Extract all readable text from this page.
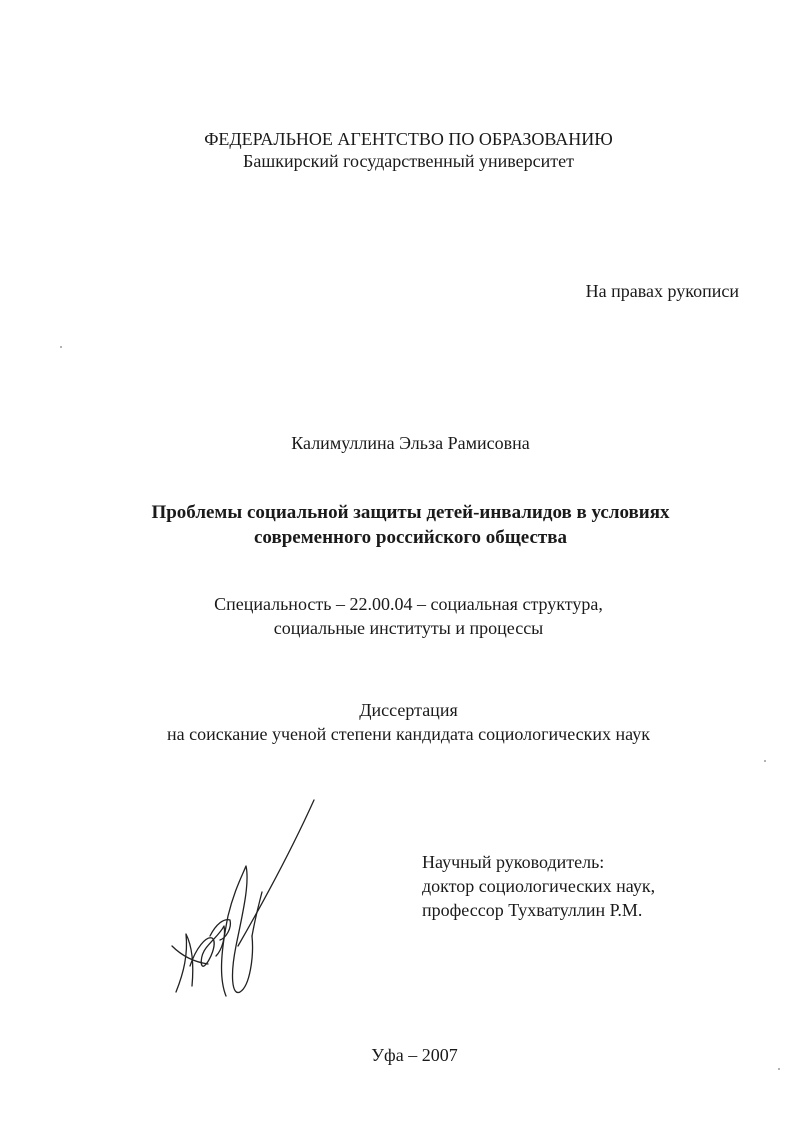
ФЕДЕРАЛЬНОЕ АГЕНТСТВО ПО ОБРАЗОВАНИЮ
Башкирский государственный университет
На правах рукописи
Калимуллина Эльза Рамисовна
Проблемы социальной защиты детей-инвалидов в условиях
современного российского общества
Специальность – 22.00.04 – социальная структура,
социальные институты и процессы
Диссертация
на соискание ученой степени кандидата социологических наук
Научный руководитель:
доктор социологических наук,
профессор Тухватуллин Р.М.
Уфа – 2007
